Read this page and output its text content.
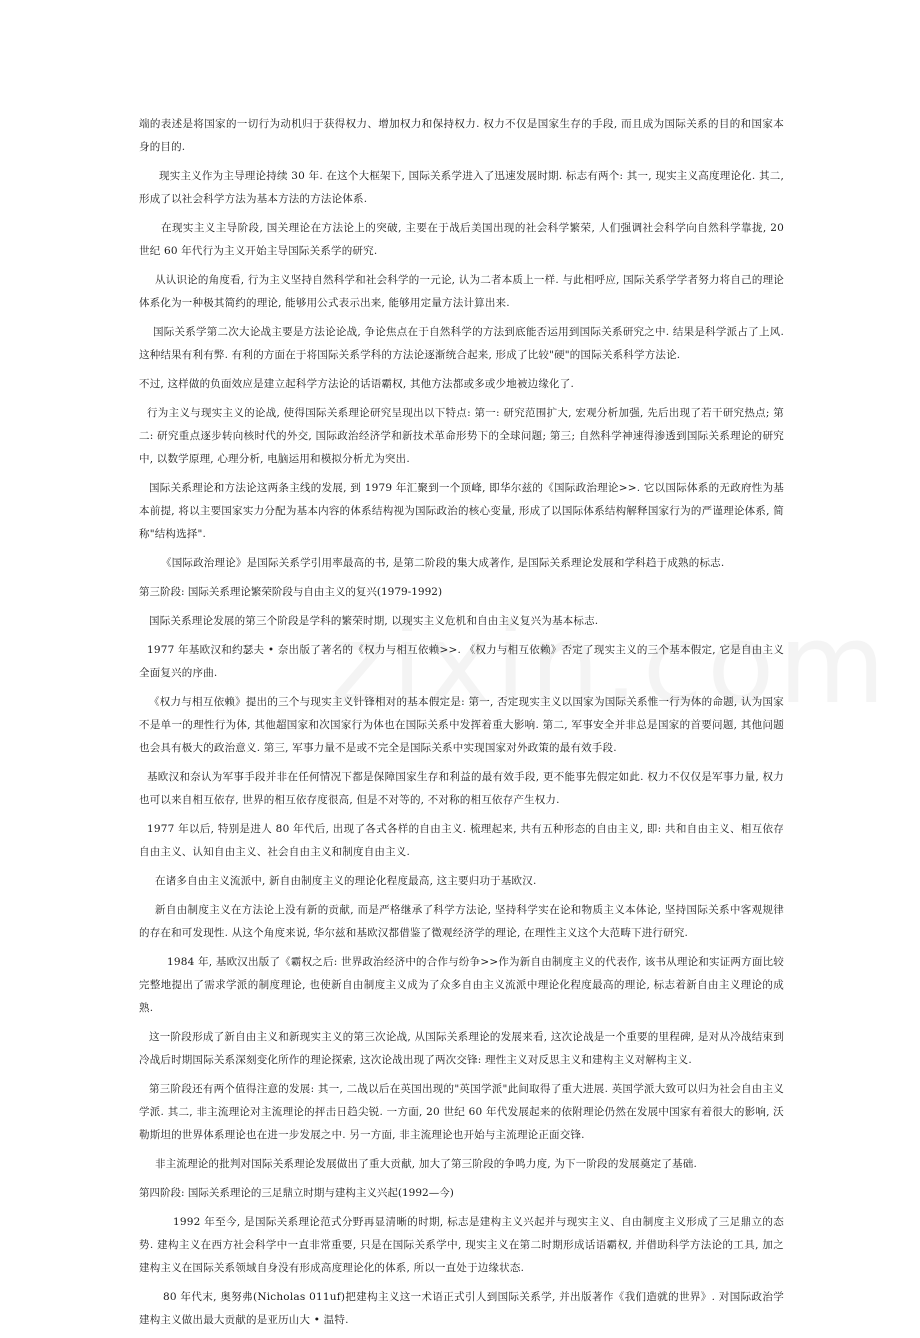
端的表述是将国家的一切行为动机归于获得权力、增加权力和保持权力. 权力不仅是国家生存的手段, 而且成为国际关系的目的和国家本身的目的.

现实主义作为主导理论持续 30 年. 在这个大框架下, 国际关系学进入了迅速发展时期. 标志有两个: 其一, 现实主义高度理论化. 其二, 形成了以社会科学方法为基本方法的方法论体系.

在现实主义主导阶段, 国关理论在方法论上的突破, 主要在于战后美国出现的社会科学繁荣, 人们强调社会科学向自然科学靠拢, 20 世纪 60 年代行为主义开始主导国际关系学的研究.

从认识论的角度看, 行为主义坚持自然科学和社会科学的一元论, 认为二者本质上一样. 与此相呼应, 国际关系学学者努力将自己的理论体系化为一种极其简约的理论, 能够用公式表示出来, 能够用定量方法计算出来.

国际关系学第二次大论战主要是方法论论战, 争论焦点在于自然科学的方法到底能否运用到国际关系研究之中. 结果是科学派占了上风. 这种结果有利有弊. 有利的方面在于将国际关系学科的方法论逐渐统合起来, 形成了比较"硬"的国际关系科学方法论.

不过, 这样做的负面效应是建立起科学方法论的话语霸权, 其他方法都或多或少地被边缘化了.

行为主义与现实主义的论战, 使得国际关系理论研究呈现出以下特点: 第一: 研究范围扩大, 宏观分析加强, 先后出现了若干研究热点; 第二: 研究重点逐步转向核时代的外交, 国际政治经济学和新技术革命形势下的全球问题; 第三; 自然科学神速得渗透到国际关系理论的研究中, 以数学原理, 心理分析, 电脑运用和模拟分析尤为突出.

国际关系理论和方法论这两条主线的发展, 到 1979 年汇聚到一个顶峰, 即华尔兹的《国际政治理论>>. 它以国际体系的无政府性为基本前提, 将以主要国家实力分配为基本内容的体系结构视为国际政治的核心变量, 形成了以国际体系结构解释国家行为的严谨理论体系, 简称"结构选择".

《国际政治理论》是国际关系学引用率最高的书, 是第二阶段的集大成著作, 是国际关系理论发展和学科趋于成熟的标志.

第三阶段: 国际关系理论繁荣阶段与自由主义的复兴(1979-1992)

国际关系理论发展的第三个阶段是学科的繁荣时期, 以现实主义危机和自由主义复兴为基本标志.

1977 年基欧汉和约瑟夫 • 奈出版了著名的《权力与相互依赖>>. 《权力与相互依赖》否定了现实主义的三个基本假定, 它是自由主义全面复兴的序曲.

《权力与相互依赖》提出的三个与现实主义针锋相对的基本假定是: 第一, 否定现实主义以国家为国际关系惟一行为体的命题, 认为国家不是单一的理性行为体, 其他超国家和次国家行为体也在国际关系中发挥着重大影响. 第二, 军事安全并非总是国家的首要问题, 其他问题也会具有极大的政治意义. 第三, 军事力量不是或不完全是国际关系中实现国家对外政策的最有效手段.

基欧汉和奈认为军事手段并非在任何情况下都是保障国家生存和利益的最有效手段, 更不能事先假定如此. 权力不仅仅是军事力量, 权力也可以来自相互依存, 世界的相互依存度很高, 但是不对等的, 不对称的相互依存产生权力.

1977 年以后, 特别是进人 80 年代后, 出现了各式各样的自由主义. 梳理起来, 共有五种形态的自由主义, 即: 共和自由主义、相互依存自由主义、认知自由主义、社会自由主义和制度自由主义.

在诸多自由主义流派中, 新自由制度主义的理论化程度最高, 这主要归功于基欧汉.

新自由制度主义在方法论上没有新的贡献, 而是严格继承了科学方法论, 坚持科学实在论和物质主义本体论, 坚持国际关系中客观规律的存在和可发现性. 从这个角度来说, 华尔兹和基欧汉都借鉴了微观经济学的理论, 在理性主义这个大范畴下进行研究.

1984 年, 基欧汉出版了《霸权之后: 世界政治经济中的合作与纷争>>作为新自由制度主义的代表作, 该书从理论和实证两方面比较完整地提出了需求学派的制度理论, 也使新自由制度主义成为了众多自由主义流派中理论化程度最高的理论, 标志着新自由主义理论的成熟.

这一阶段形成了新自由主义和新现实主义的第三次论战, 从国际关系理论的发展来看, 这次论战是一个重要的里程碑, 是对从冷战结束到冷战后时期国际关系深刻变化所作的理论探索, 这次论战出现了两次交锋: 理性主义对反思主义和建构主义对解构主义.

第三阶段还有两个值得注意的发展: 其一, 二战以后在英国出现的"英国学派"此间取得了重大进展. 英国学派大致可以归为社会自由主义学派. 其二, 非主流理论对主流理论的抨击日趋尖锐. 一方面, 20 世纪 60 年代发展起来的依附理论仍然在发展中国家有着很大的影响, 沃勒斯坦的世界体系理论也在进一步发展之中. 另一方面, 非主流理论也开始与主流理论正面交锋.

非主流理论的批判对国际关系理论发展做出了重大贡献, 加大了第三阶段的争鸣力度, 为下一阶段的发展奠定了基础.

第四阶段: 国际关系理论的三足鼎立时期与建构主义兴起(1992—今)

1992 年至今, 是国际关系理论范式分野再显清晰的时期, 标志是建构主义兴起并与现实主义、自由制度主义形成了三足鼎立的态势. 建构主义在西方社会科学中一直非常重要, 只是在国际关系学中, 现实主义在第二时期形成话语霸权, 并借助科学方法论的工具, 加之建构主义在国际关系领域自身没有形成高度理论化的体系, 所以一直处于边缘状态.

80 年代末, 奥努弗(Nicholas 011uf)把建构主义这一术语正式引人到国际关系学, 并出版著作《我们造就的世界》. 对国际政治学建构主义做出最大贡献的是亚历山大 • 温特.
